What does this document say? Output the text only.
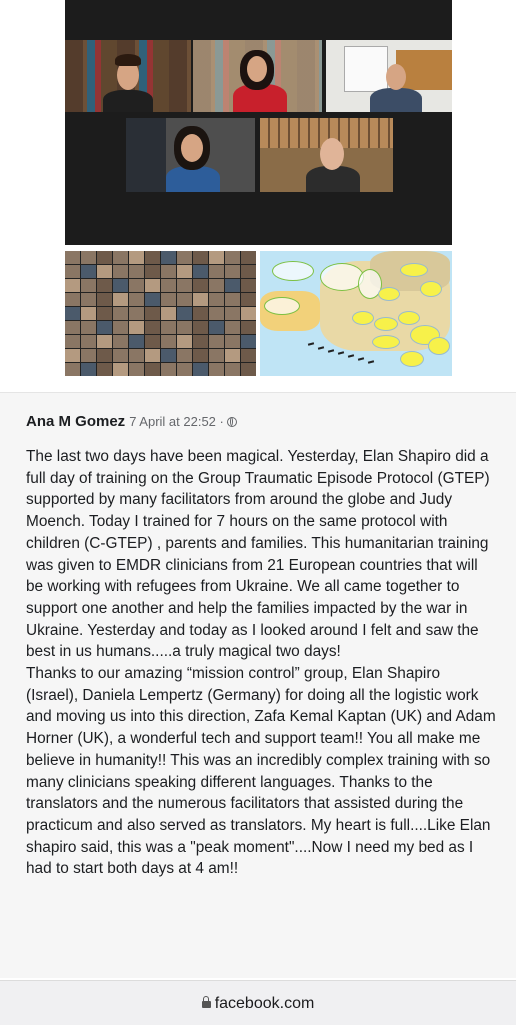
Ana M Gomez 7 April at 22:52 ·

The last two days have been magical. Yesterday, Elan Shapiro did a full day of training on the Group Traumatic Episode Protocol (GTEP) supported by many facilitators from around the globe and Judy Moench. Today I trained for 7 hours on the same protocol with children (C-GTEP) , parents and families. This humanitarian training was given to EMDR clinicians from 21 European countries that will be working with refugees from Ukraine. We all came together to support one another and help the families impacted by the war in Ukraine. Yesterday and today as I looked around I felt and saw the best in us humans.....a truly magical two days!

Thanks to our amazing “mission control” group, Elan Shapiro (Israel), Daniela Lempertz (Germany) for doing all the logistic work and moving us into this direction, Zafa Kemal Kaptan (UK) and Adam Horner (UK), a wonderful tech and support team!! You all make me believe in humanity!! This was an incredibly complex training with so many clinicians speaking different languages. Thanks to the translators and the numerous facilitators that assisted during the practicum and also served as translators. My heart is full....Like Elan shapiro said, this was a "peak moment"....Now I need my bed as I had to start both days at 4 am!!

facebook.com
